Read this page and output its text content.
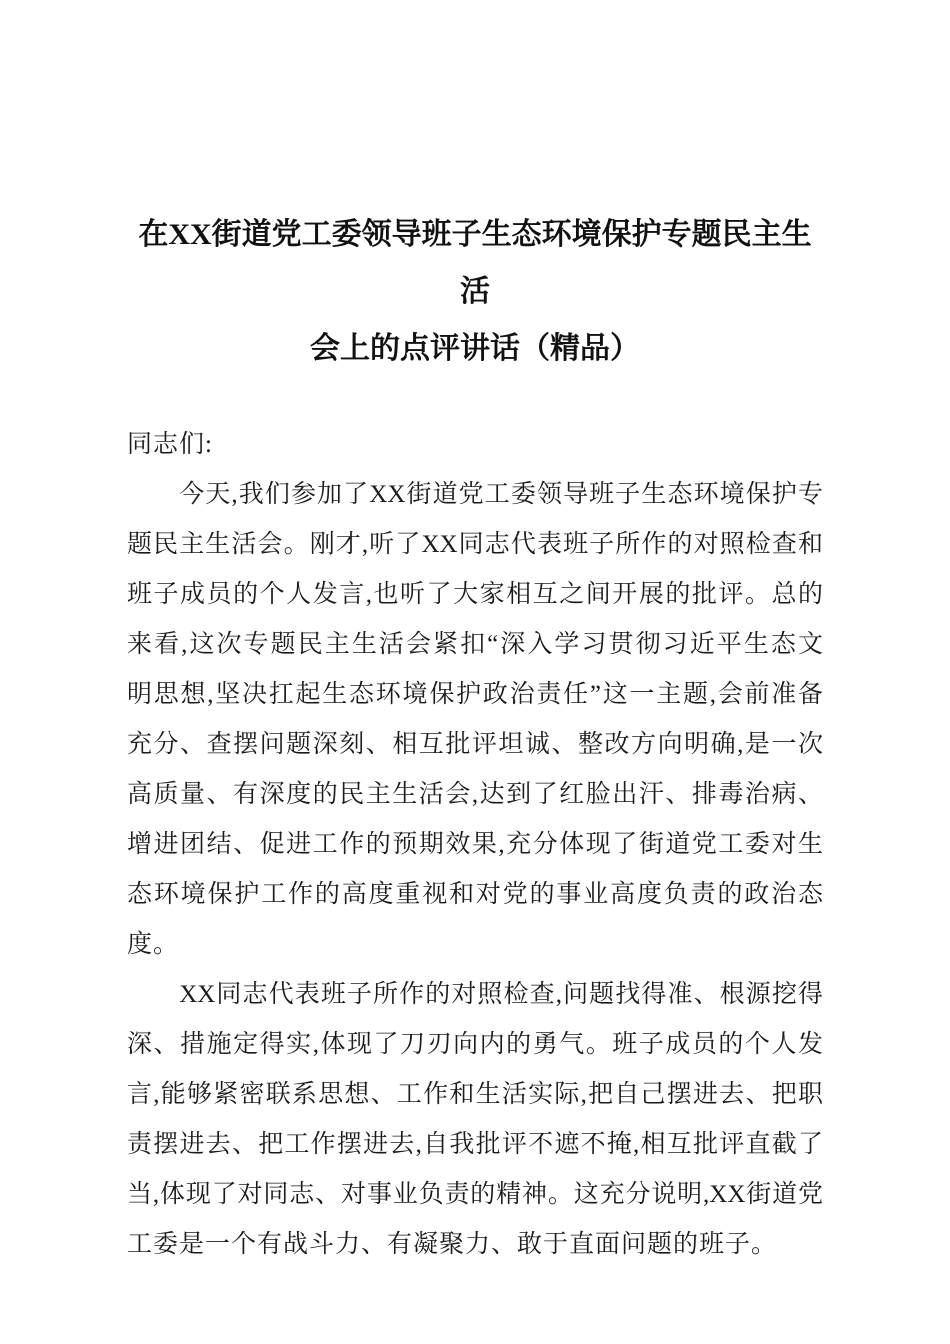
在XX街道党工委领导班子生态环境保护专题民主生活
会上的点评讲话（精品）
同志们:
　　今天,我们参加了XX街道党工委领导班子生态环境保护专
题民主生活会。刚才,听了XX同志代表班子所作的对照检查和
班子成员的个人发言,也听了大家相互之间开展的批评。总的
来看,这次专题民主生活会紧扣“深入学习贯彻习近平生态文
明思想,坚决扛起生态环境保护政治责任”这一主题,会前准备
充分、查摆问题深刻、相互批评坦诚、整改方向明确,是一次
高质量、有深度的民主生活会,达到了红脸出汗、排毒治病、
增进团结、促进工作的预期效果,充分体现了街道党工委对生
态环境保护工作的高度重视和对党的事业高度负责的政治态
度。
　　XX同志代表班子所作的对照检查,问题找得准、根源挖得
深、措施定得实,体现了刀刃向内的勇气。班子成员的个人发
言,能够紧密联系思想、工作和生活实际,把自己摆进去、把职
责摆进去、把工作摆进去,自我批评不遮不掩,相互批评直截了
当,体现了对同志、对事业负责的精神。这充分说明,XX街道党
工委是一个有战斗力、有凝聚力、敢于直面问题的班子。
